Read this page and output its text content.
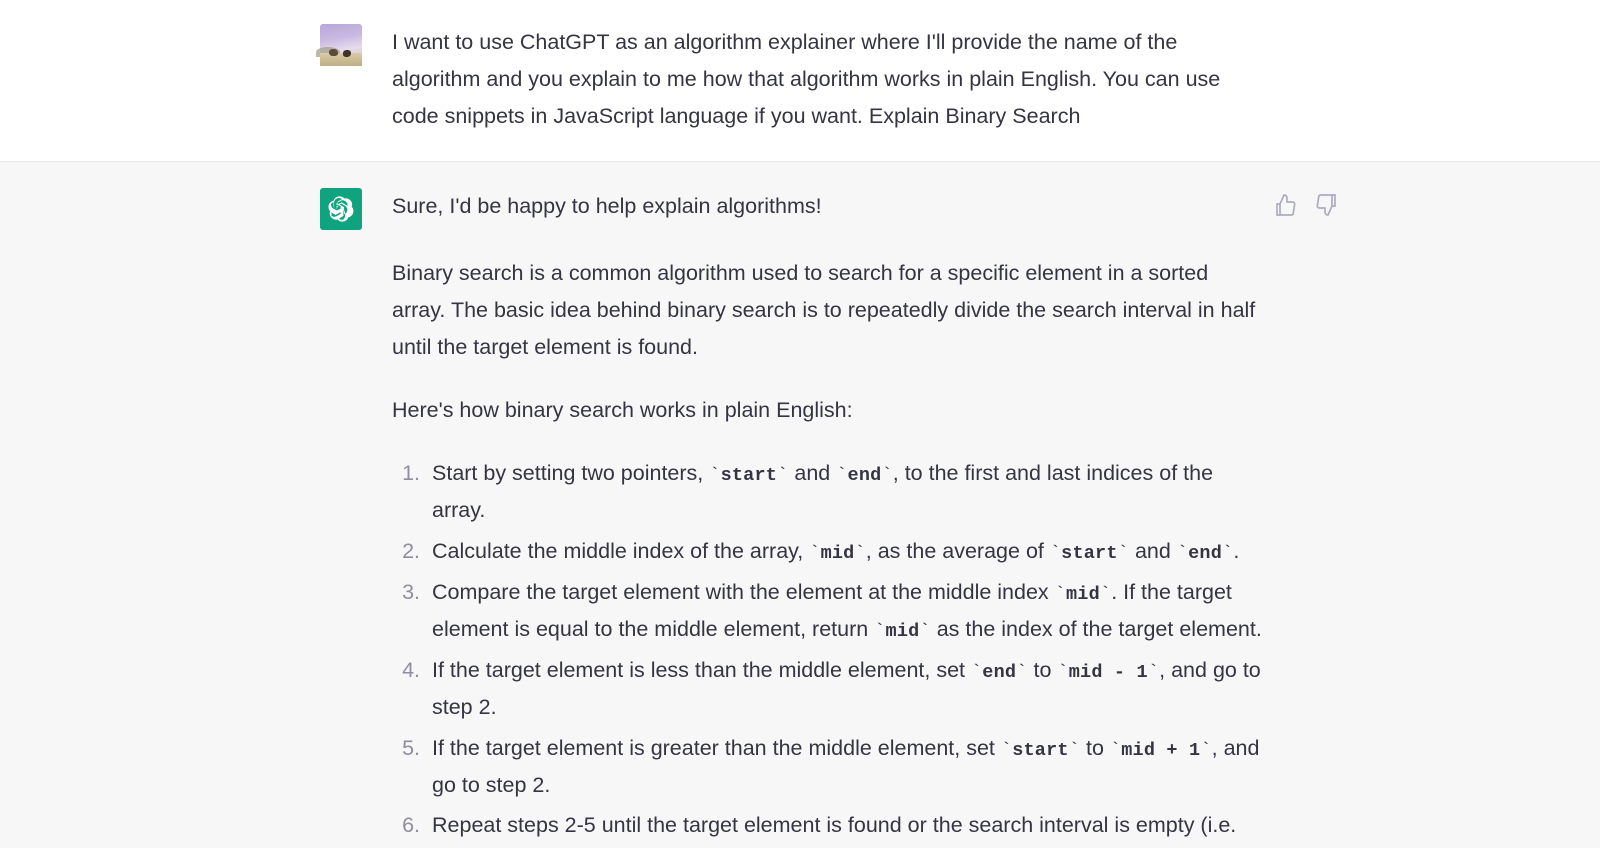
I want to use ChatGPT as an algorithm explainer where I'll provide the name of the algorithm and you explain to me how that algorithm works in plain English. You can use code snippets in JavaScript language if you want. Explain Binary Search

Sure, I'd be happy to help explain algorithms!

Binary search is a common algorithm used to search for a specific element in a sorted array. The basic idea behind binary search is to repeatedly divide the search interval in half until the target element is found.

Here's how binary search works in plain English:

1. Start by setting two pointers, ` start ` and ` end ` , to the first and last indices of the array.
2. Calculate the middle index of the array, ` mid ` , as the average of ` start ` and ` end ` .
3. Compare the target element with the element at the middle index ` mid ` . If the target element is equal to the middle element, return ` mid ` as the index of the target element.
4. If the target element is less than the middle element, set ` end ` to ` mid - 1 ` , and go to step 2.
5. If the target element is greater than the middle element, set ` start ` to ` mid + 1 ` , and go to step 2.
6. Repeat steps 2-5 until the target element is found or the search interval is empty (i.e.
